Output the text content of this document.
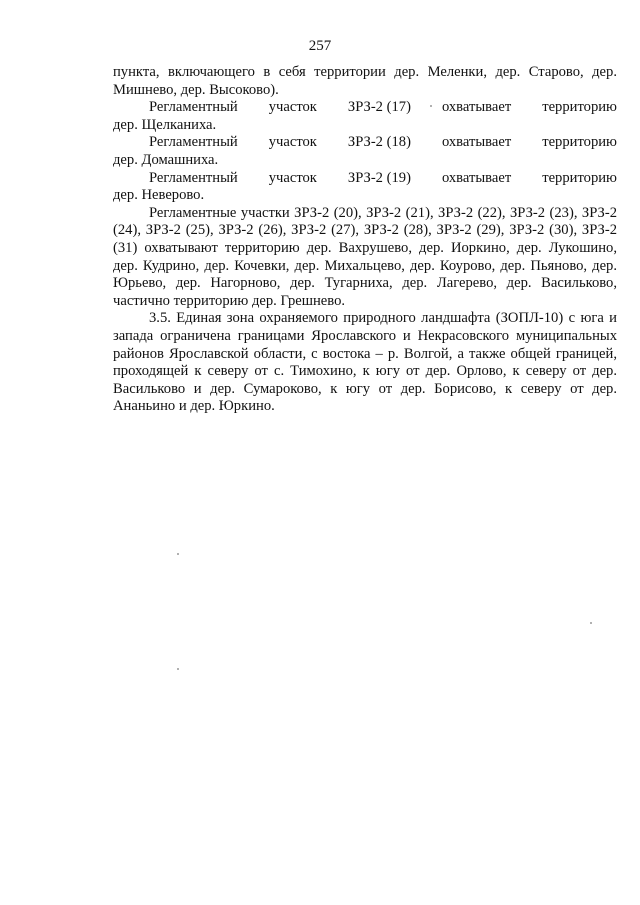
257

пункта, включающего в себя территории дер. Меленки, дер. Старово, дер. Мишнево, дер. Высоково).

Регламентный участок ЗРЗ-2 (17) охватывает территорию

дер. Щелканиха.

Регламентный участок ЗРЗ-2 (18) охватывает территорию

дер. Домашниха.

Регламентный участок ЗРЗ-2 (19) охватывает территорию

дер. Неверово.

Регламентные участки ЗРЗ-2 (20), ЗРЗ-2 (21), ЗРЗ-2 (22), ЗРЗ-2 (23), ЗРЗ-2 (24), ЗРЗ-2 (25), ЗРЗ-2 (26), ЗРЗ-2 (27), ЗРЗ-2 (28), ЗРЗ-2 (29), ЗРЗ-2 (30), ЗРЗ-2 (31) охватывают территорию дер. Вахрушево, дер. Иоркино, дер. Лукошино, дер. Кудрино, дер. Кочевки, дер. Михальцево, дер. Коурово, дер. Пьяново, дер. Юрьево, дер. Нагорново, дер. Тугарниха, дер. Лагерево, дер. Васильково, частично территорию дер. Грешнево.

3.5. Единая зона охраняемого природного ландшафта (ЗОПЛ-10) с юга и запада ограничена границами Ярославского и Некрасовского муниципальных районов Ярославской области, с востока – р. Волгой, а также общей границей, проходящей к северу от с. Тимохино, к югу от дер. Орлово, к северу от дер. Васильково и дер. Сумароково, к югу от дер. Борисово, к северу от дер. Ананьино и дер. Юркино.
